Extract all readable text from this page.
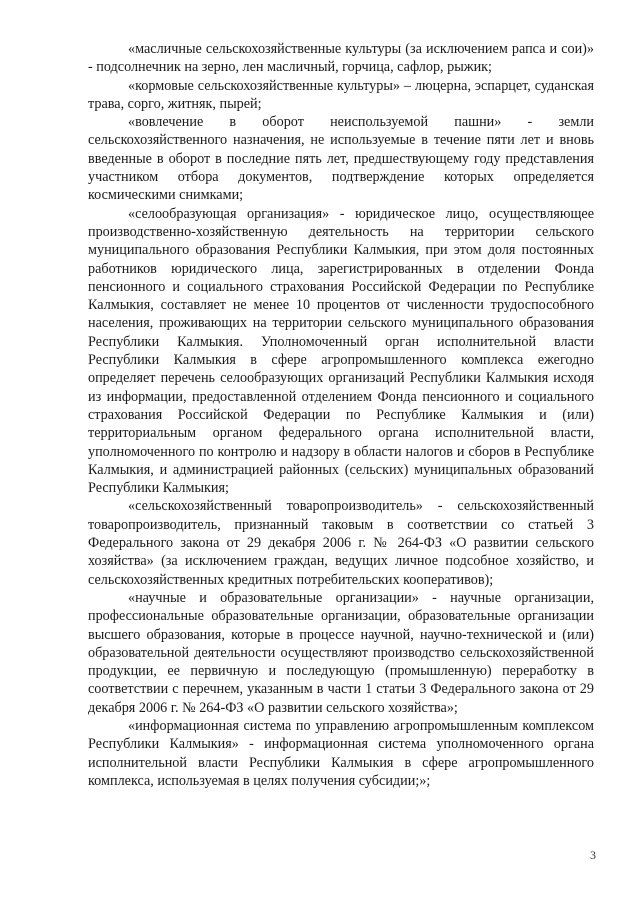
«масличные сельскохозяйственные культуры (за исключением рапса и сои)» - подсолнечник на зерно, лен масличный, горчица, сафлор, рыжик;

«кормовые сельскохозяйственные культуры» – люцерна, эспарцет, суданская трава, сорго, житняк, пырей;

«вовлечение в оборот неиспользуемой пашни» - земли сельскохозяйственного назначения, не используемые в течение пяти лет и вновь введенные в оборот в последние пять лет, предшествующему году представления участником отбора документов, подтверждение которых определяется космическими снимками;

«селообразующая организация» - юридическое лицо, осуществляющее производственно-хозяйственную деятельность на территории сельского муниципального образования Республики Калмыкия, при этом доля постоянных работников юридического лица, зарегистрированных в отделении Фонда пенсионного и социального страхования Российской Федерации по Республике Калмыкия, составляет не менее 10 процентов от численности трудоспособного населения, проживающих на территории сельского муниципального образования Республики Калмыкия. Уполномоченный орган исполнительной власти Республики Калмыкия в сфере агропромышленного комплекса ежегодно определяет перечень селообразующих организаций Республики Калмыкия исходя из информации, предоставленной отделением Фонда пенсионного и социального страхования Российской Федерации по Республике Калмыкия и (или) территориальным органом федерального органа исполнительной власти, уполномоченного по контролю и надзору в области налогов и сборов в Республике Калмыкия, и администрацией районных (сельских) муниципальных образований Республики Калмыкия;

«сельскохозяйственный товаропроизводитель» - сельскохозяйственный товаропроизводитель, признанный таковым в соответствии со статьей 3 Федерального закона от 29 декабря 2006 г. № 264-ФЗ «О развитии сельского хозяйства» (за исключением граждан, ведущих личное подсобное хозяйство, и сельскохозяйственных кредитных потребительских кооперативов);

«научные и образовательные организации» - научные организации, профессиональные образовательные организации, образовательные организации высшего образования, которые в процессе научной, научно-технической и (или) образовательной деятельности осуществляют производство сельскохозяйственной продукции, ее первичную и последующую (промышленную) переработку в соответствии с перечнем, указанным в части 1 статьи 3 Федерального закона от 29 декабря 2006 г. № 264-ФЗ «О развитии сельского хозяйства»;

«информационная система по управлению агропромышленным комплексом Республики Калмыкия» - информационная система уполномоченного органа исполнительной власти Республики Калмыкия в сфере агропромышленного комплекса, используемая в целях получения субсидии;»;

3
